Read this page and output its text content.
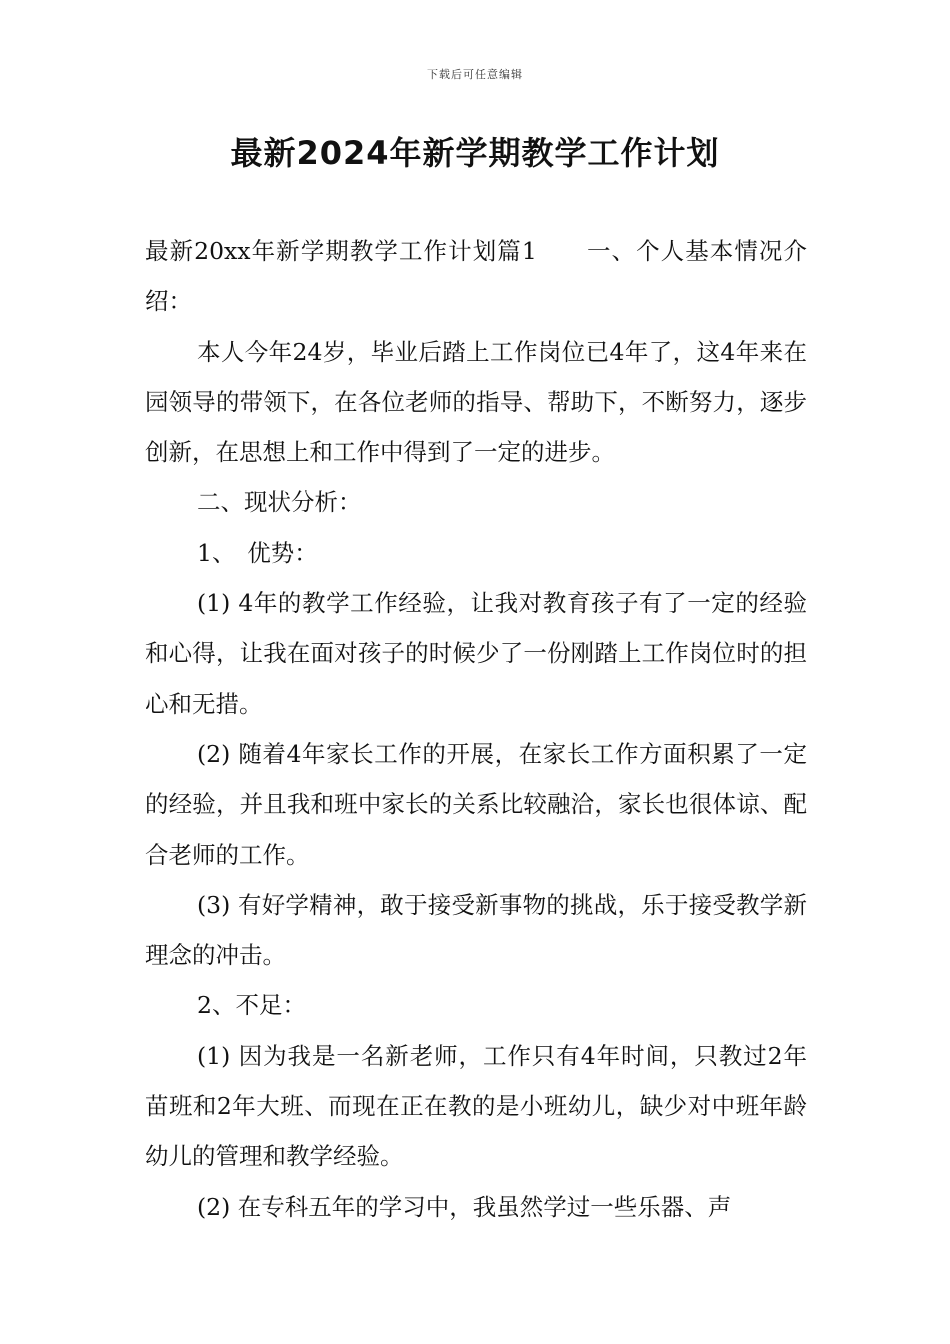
下载后可任意编辑
最新2024年新学期教学工作计划

最新20xx年新学期教学工作计划篇1　　一、个人基本情况介绍：

本人今年24岁，毕业后踏上工作岗位已4年了，这4年来在园领导的带领下，在各位老师的指导、帮助下，不断努力，逐步创新，在思想上和工作中得到了一定的进步。

二、现状分析：

1、　优势：

(1) 4年的教学工作经验，让我对教育孩子有了一定的经验和心得，让我在面对孩子的时候少了一份刚踏上工作岗位时的担心和无措。

(2) 随着4年家长工作的开展，在家长工作方面积累了一定的经验，并且我和班中家长的关系比较融洽，家长也很体谅、配合老师的工作。

(3) 有好学精神，敢于接受新事物的挑战，乐于接受教学新理念的冲击。

2、不足：

(1) 因为我是一名新老师，工作只有4年时间，只教过2年苗班和2年大班、而现在正在教的是小班幼儿，缺少对中班年龄幼儿的管理和教学经验。

(2) 在专科五年的学习中，我虽然学过一些乐器、声
